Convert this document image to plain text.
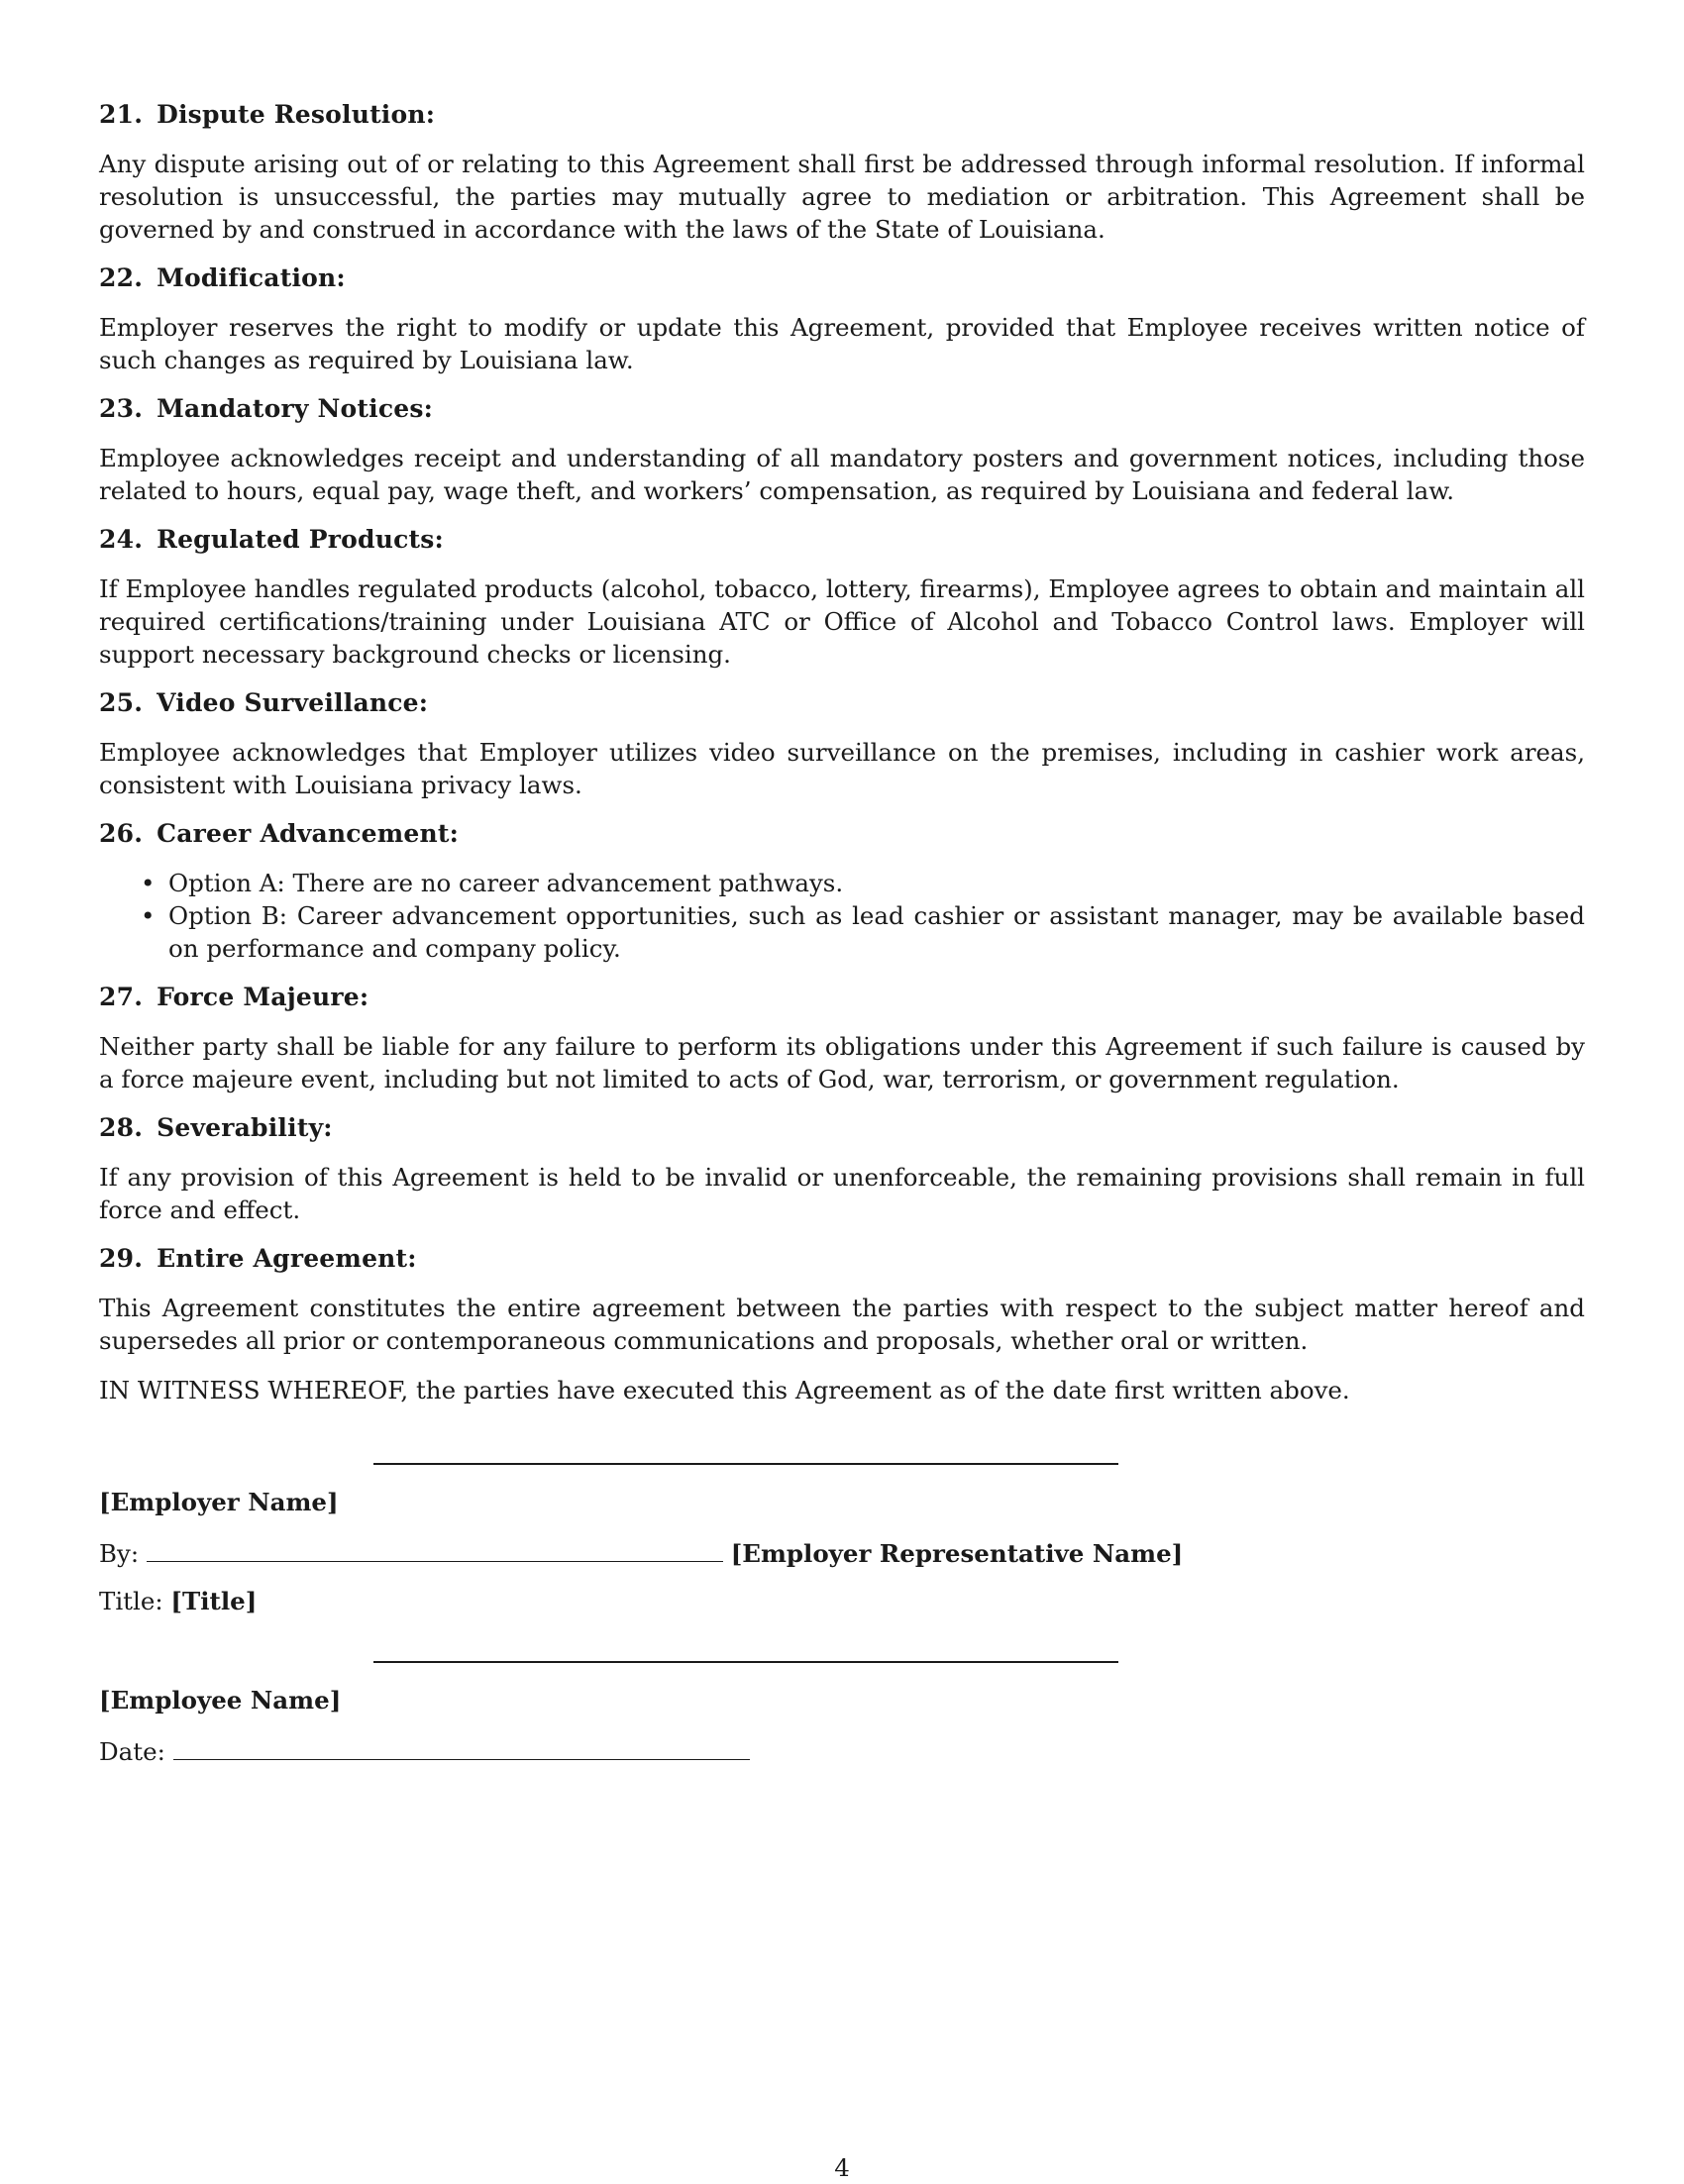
21. Dispute Resolution:

Any dispute arising out of or relating to this Agreement shall first be addressed through informal resolution. If informal resolution is unsuccessful, the parties may mutually agree to mediation or arbitration. This Agreement shall be governed by and construed in accordance with the laws of the State of Louisiana.

22. Modification:

Employer reserves the right to modify or update this Agreement, provided that Employee receives written notice of such changes as required by Louisiana law.

23. Mandatory Notices:

Employee acknowledges receipt and understanding of all mandatory posters and government notices, including those related to hours, equal pay, wage theft, and workers’ compensation, as required by Louisiana and federal law.

24. Regulated Products:

If Employee handles regulated products (alcohol, tobacco, lottery, firearms), Employee agrees to obtain and maintain all required certifications/training under Louisiana ATC or Office of Alcohol and Tobacco Control laws. Employer will support necessary background checks or licensing.

25. Video Surveillance:

Employee acknowledges that Employer utilizes video surveillance on the premises, including in cashier work areas, consistent with Louisiana privacy laws.

26. Career Advancement:
• Option A: There are no career advancement pathways.
• Option B: Career advancement opportunities, such as lead cashier or assistant manager, may be available based on performance and company policy.
27. Force Majeure:

Neither party shall be liable for any failure to perform its obligations under this Agreement if such failure is caused by a force majeure event, including but not limited to acts of God, war, terrorism, or government regulation.

28. Severability:

If any provision of this Agreement is held to be invalid or unenforceable, the remaining provisions shall remain in full force and effect.

29. Entire Agreement:

This Agreement constitutes the entire agreement between the parties with respect to the subject matter hereof and supersedes all prior or contemporaneous communications and proposals, whether oral or written.

IN WITNESS WHEREOF, the parties have executed this Agreement as of the date first written above.

[Employer Name]
By:	[Employer Representative Name]
Title: [Title]
[Employee Name]
Date:
4
